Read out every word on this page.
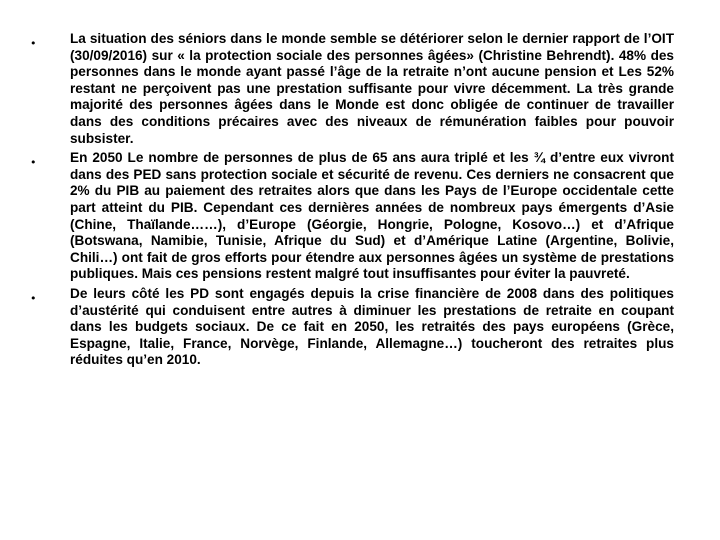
• La situation des séniors dans le monde semble se détériorer selon le dernier rapport de l’OIT (30/09/2016) sur « la protection sociale des personnes âgées» (Christine Behrendt). 48% des personnes dans le monde ayant passé l’âge de la retraite n’ont aucune pension et Les 52% restant ne perçoivent pas une prestation suffisante pour vivre décemment. La très grande majorité des personnes âgées dans le Monde est donc obligée de continuer de travailler dans des conditions précaires avec des niveaux de rémunération faibles pour pouvoir subsister.
• En 2050 Le nombre de personnes de plus de 65 ans aura triplé et les ¾ d’entre eux vivront dans des PED sans protection sociale et sécurité de revenu. Ces derniers ne consacrent que 2% du PIB au paiement des retraites alors que dans les Pays de l’Europe occidentale cette part atteint du PIB. Cependant ces dernières années de nombreux pays émergents d’Asie (Chine, Thaïlande……), d’Europe (Géorgie, Hongrie, Pologne, Kosovo…) et d’Afrique (Botswana, Namibie, Tunisie, Afrique du Sud) et d’Amérique Latine (Argentine, Bolivie, Chili…) ont fait de gros efforts pour étendre aux personnes âgées un système de prestations publiques. Mais ces pensions restent malgré tout insuffisantes pour éviter la pauvreté.
• De leurs côté les PD sont engagés depuis la crise financière de 2008 dans des politiques d’austérité qui conduisent entre autres à diminuer les prestations de retraite en coupant dans les budgets sociaux. De ce fait en 2050, les retraités des pays européens (Grèce, Espagne, Italie, France, Norvège, Finlande, Allemagne…) toucheront des retraites plus réduites qu’en 2010.
